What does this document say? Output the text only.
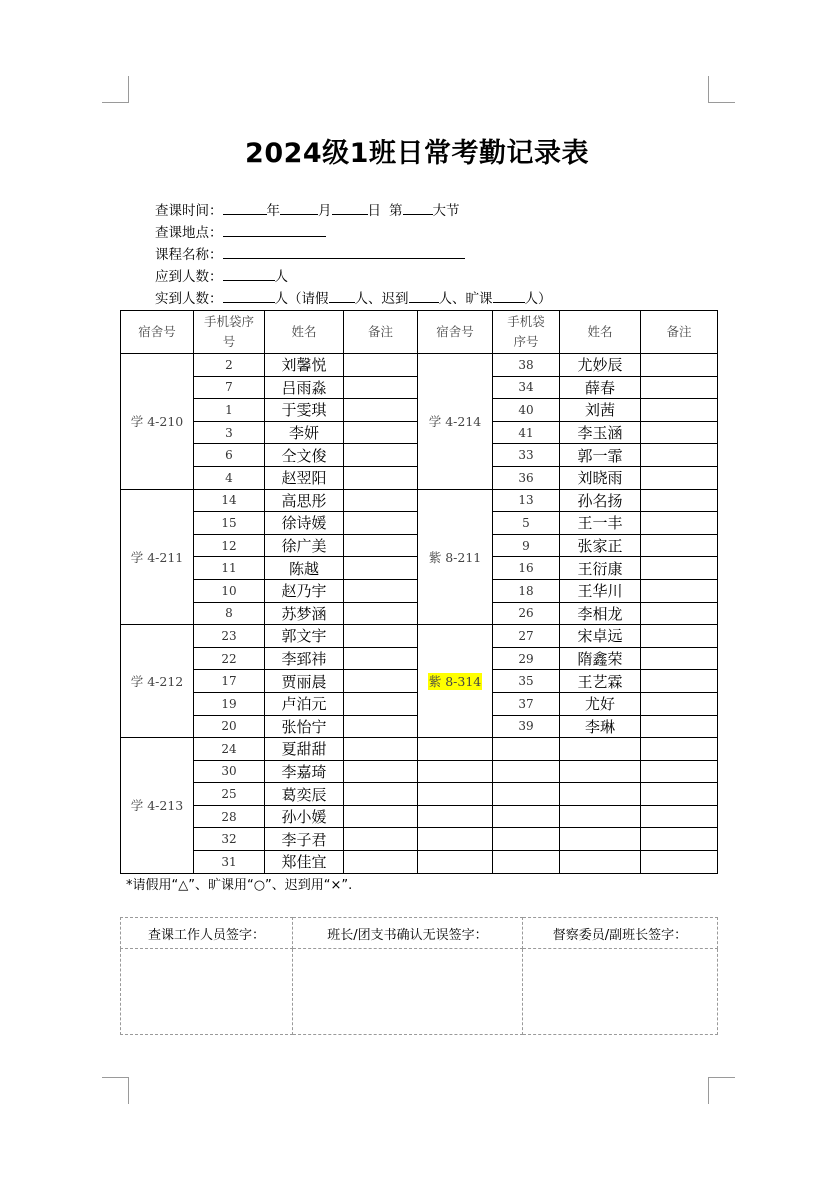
2024级1班日常考勤记录表
查课时间：	年	月	日 第 大节
查课地点：
课程名称：
应到人数：	人
实到人数：	人（请假 人、迟到 人、旷课 人）
宿舍号	手机袋序号	姓名	备注	宿舍号	手机袋序号	姓名	备注
学 4-210	2	刘馨悦		学 4-214	38	尤妙辰	
	7	吕雨淼			34	薛春	
	1	于雯琪			40	刘茜	
	3	李妍			41	李玉涵	
	6	仝文俊			33	郭一霏	
	4	赵翌阳			36	刘晓雨	
学 4-211	14	高思彤		紫 8-211	13	孙名扬	
	15	徐诗媛			5	王一丰	
	12	徐广美			9	张家正	
	11	陈越			16	王衍康	
	10	赵乃宇			18	王华川	
	8	苏梦涵			26	李相龙	
学 4-212	23	郭文宇		紫 8-314	27	宋卓远	
	22	李郅祎			29	隋鑫荣	
	17	贾丽晨			35	王艺霖	
	19	卢泊元			37	尤好	
	20	张怡宁			39	李琳	
学 4-213	24	夏甜甜					
	30	李嘉琦					
	25	葛奕辰					
	28	孙小媛					
	32	李子君					
	31	郑佳宜					
*请假用“△”、旷课用“○”、迟到用“×”.
查课工作人员签字：	班长/团支书确认无误签字：	督察委员/副班长签字：
